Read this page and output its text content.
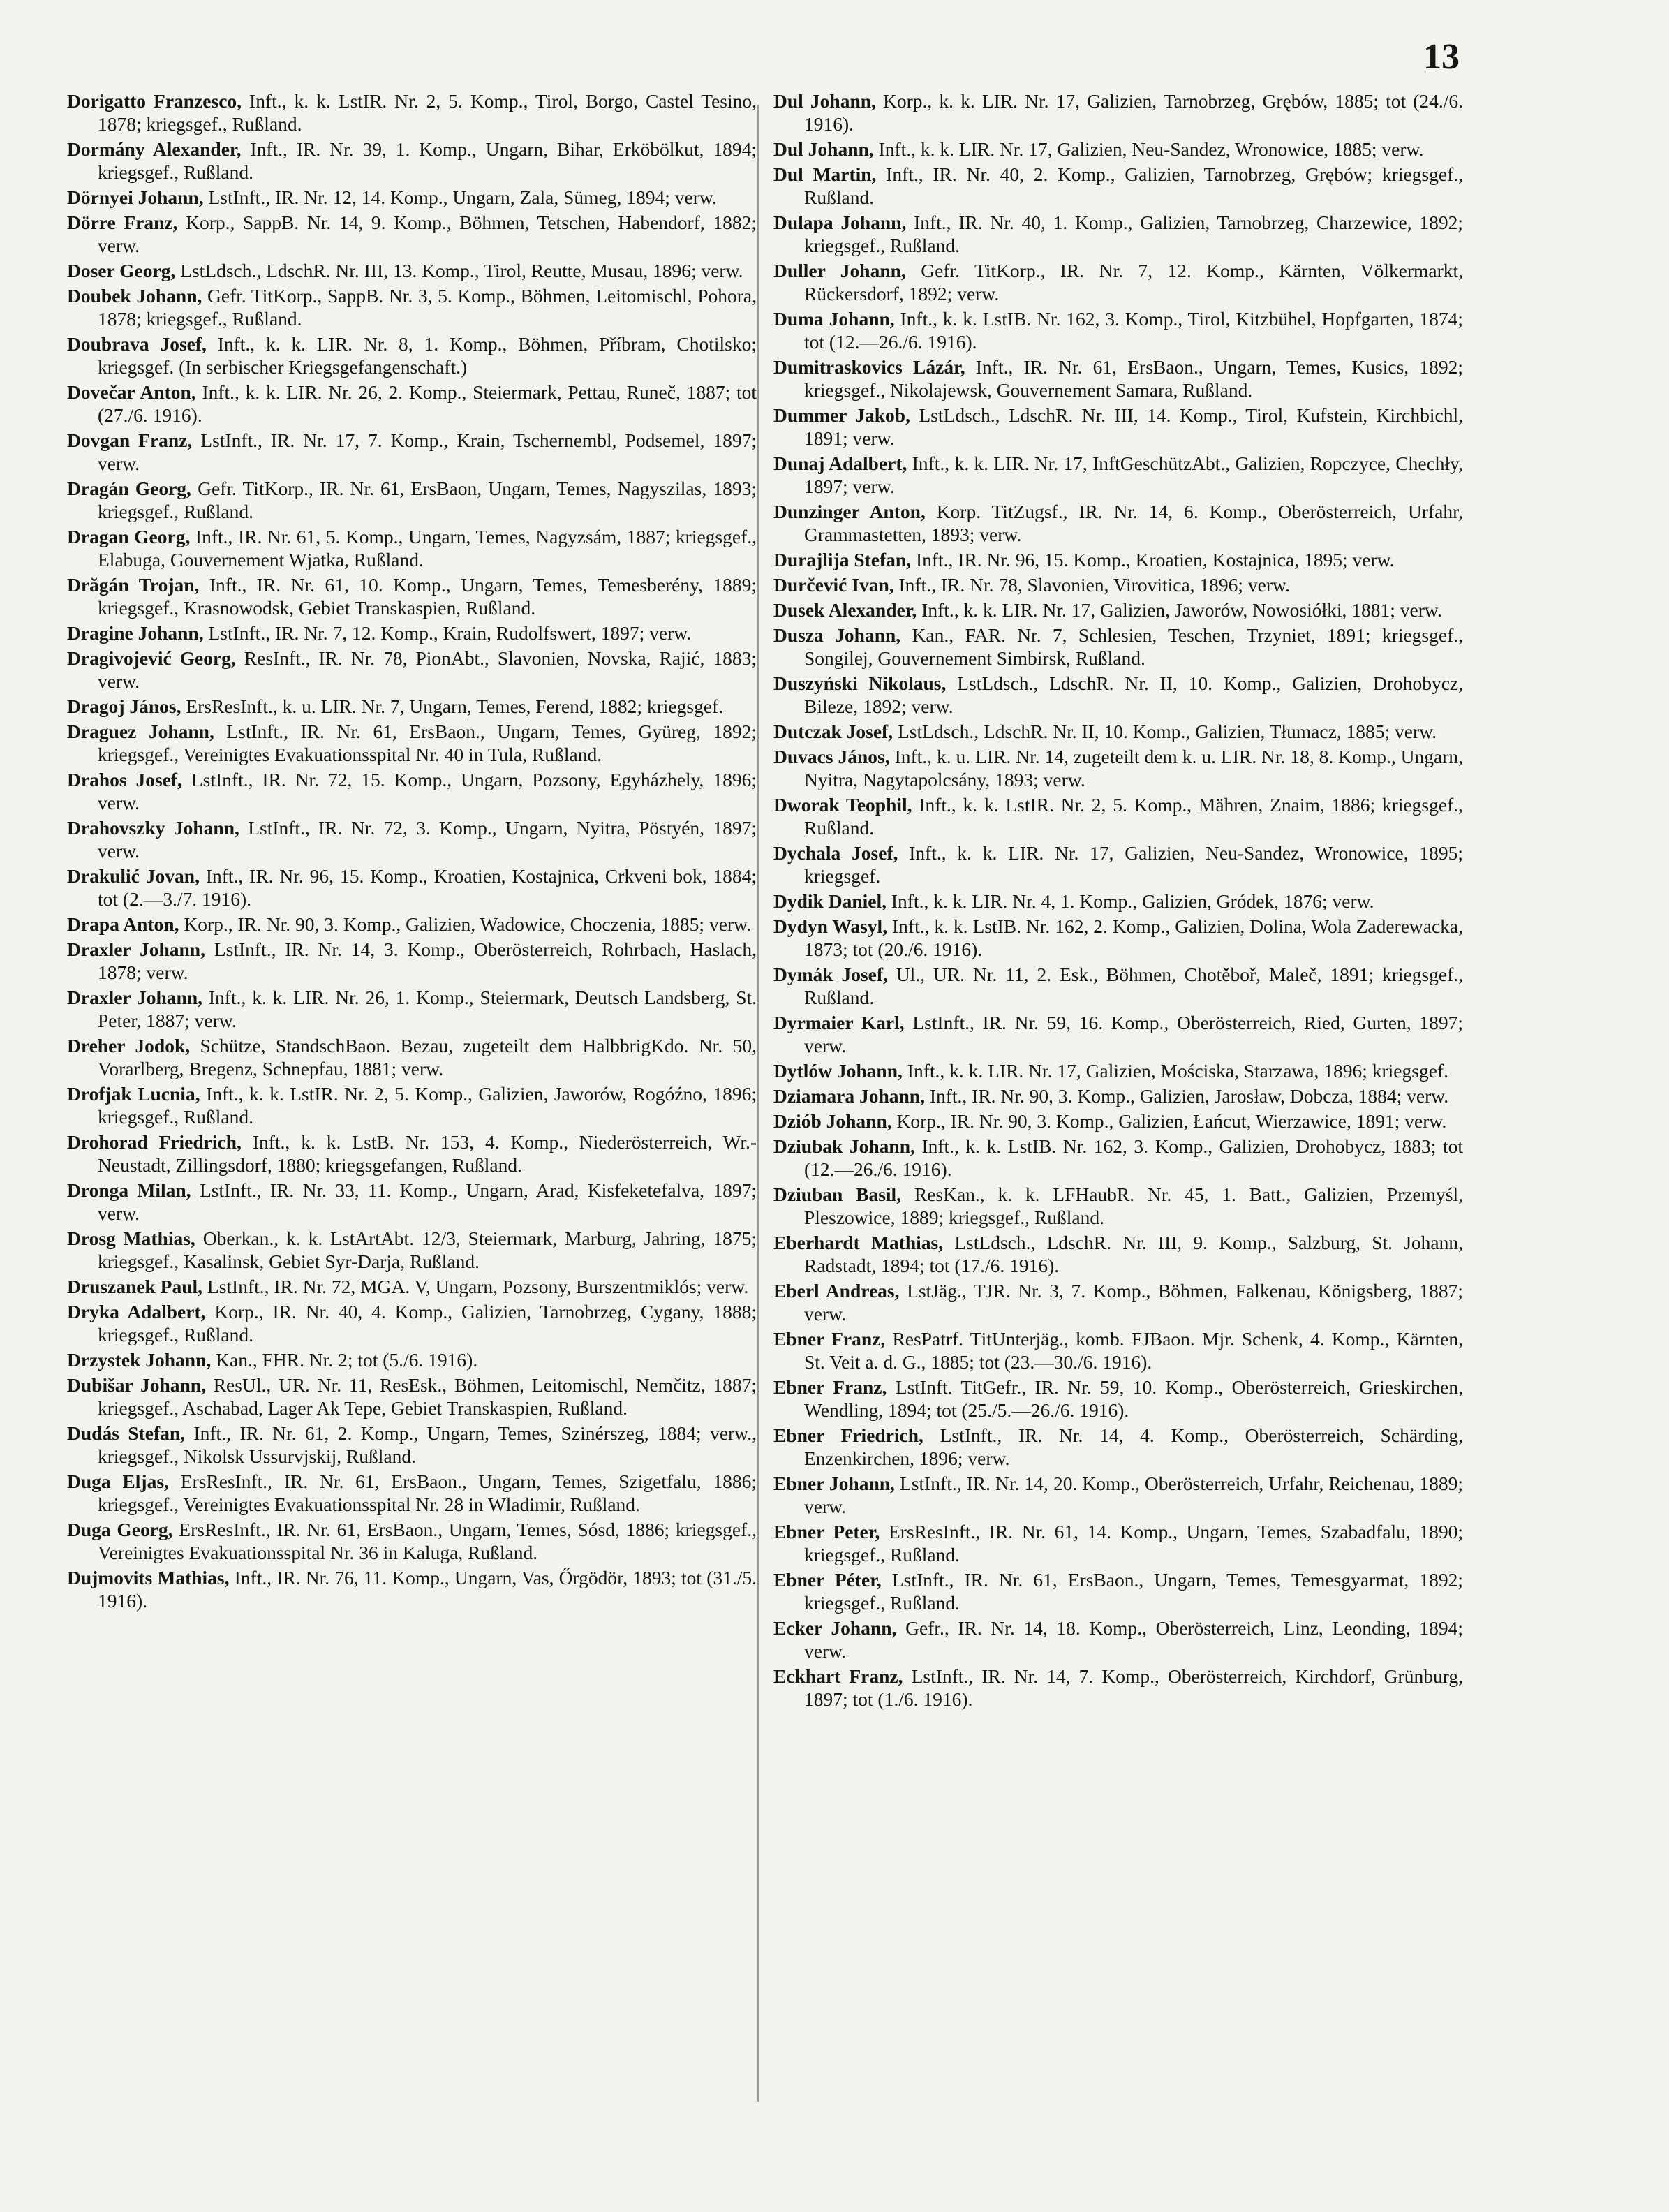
13

Dorigatto Franzesco, Inft., k. k. LstIR. Nr. 2, 5. Komp., Tirol, Borgo, Castel Tesino, 1878; kriegsgef., Rußland.

Dormány Alexander, Inft., IR. Nr. 39, 1. Komp., Ungarn, Bihar, Erköbölkut, 1894; kriegsgef., Rußland.

Dörnyei Johann, LstInft., IR. Nr. 12, 14. Komp., Ungarn, Zala, Sümeg, 1894; verw.

Dörre Franz, Korp., SappB. Nr. 14, 9. Komp., Böhmen, Tetschen, Habendorf, 1882; verw.

Doser Georg, LstLdsch., LdschR. Nr. III, 13. Komp., Tirol, Reutte, Musau, 1896; verw.

Doubek Johann, Gefr. TitKorp., SappB. Nr. 3, 5. Komp., Böhmen, Leitomischl, Pohora, 1878; kriegsgef., Rußland.

Doubrava Josef, Inft., k. k. LIR. Nr. 8, 1. Komp., Böhmen, Příbram, Chotilsko; kriegsgef. (In serbischer Kriegsgefangenschaft.)

Dovečar Anton, Inft., k. k. LIR. Nr. 26, 2. Komp., Steiermark, Pettau, Runeč, 1887; tot (27./6. 1916).

Dovgan Franz, LstInft., IR. Nr. 17, 7. Komp., Krain, Tschernembl, Podsemel, 1897; verw.

Dragán Georg, Gefr. TitKorp., IR. Nr. 61, ErsBaon, Ungarn, Temes, Nagyszilas, 1893; kriegsgef., Rußland.

Dragan Georg, Inft., IR. Nr. 61, 5. Komp., Ungarn, Temes, Nagyzsám, 1887; kriegsgef., Elabuga, Gouvernement Wjatka, Rußland.

Drăgán Trojan, Inft., IR. Nr. 61, 10. Komp., Ungarn, Temes, Temesberény, 1889; kriegsgef., Krasnowodsk, Gebiet Transkaspien, Rußland.

Dragine Johann, LstInft., IR. Nr. 7, 12. Komp., Krain, Rudolfswert, 1897; verw.

Dragivojević Georg, ResInft., IR. Nr. 78, PionAbt., Slavonien, Novska, Rajić, 1883; verw.

Dragoj János, ErsResInft., k. u. LIR. Nr. 7, Ungarn, Temes, Ferend, 1882; kriegsgef.

Draguez Johann, LstInft., IR. Nr. 61, ErsBaon., Ungarn, Temes, Gyüreg, 1892; kriegsgef., Vereinigtes Evakuationsspital Nr. 40 in Tula, Rußland.

Drahos Josef, LstInft., IR. Nr. 72, 15. Komp., Ungarn, Pozsony, Egyházhely, 1896; verw.

Drahovszky Johann, LstInft., IR. Nr. 72, 3. Komp., Ungarn, Nyitra, Pöstyén, 1897; verw.

Drakulić Jovan, Inft., IR. Nr. 96, 15. Komp., Kroatien, Kostajnica, Crkveni bok, 1884; tot (2.—3./7. 1916).

Drapa Anton, Korp., IR. Nr. 90, 3. Komp., Galizien, Wadowice, Choczenia, 1885; verw.

Draxler Johann, LstInft., IR. Nr. 14, 3. Komp., Oberösterreich, Rohrbach, Haslach, 1878; verw.

Draxler Johann, Inft., k. k. LIR. Nr. 26, 1. Komp., Steiermark, Deutsch Landsberg, St. Peter, 1887; verw.

Dreher Jodok, Schütze, StandschBaon. Bezau, zugeteilt dem HalbbrigKdo. Nr. 50, Vorarlberg, Bregenz, Schnepfau, 1881; verw.

Drofjak Lucnia, Inft., k. k. LstIR. Nr. 2, 5. Komp., Galizien, Jaworów, Rogóźno, 1896; kriegsgef., Rußland.

Drohorad Friedrich, Inft., k. k. LstB. Nr. 153, 4. Komp., Niederösterreich, Wr.-Neustadt, Zillingsdorf, 1880; kriegsgefangen, Rußland.

Dronga Milan, LstInft., IR. Nr. 33, 11. Komp., Ungarn, Arad, Kisfeketefalva, 1897; verw.

Drosg Mathias, Oberkan., k. k. LstArtAbt. 12/3, Steiermark, Marburg, Jahring, 1875; kriegsgef., Kasalinsk, Gebiet Syr-Darja, Rußland.

Druszanek Paul, LstInft., IR. Nr. 72, MGA. V, Ungarn, Pozsony, Burszentmiklós; verw.

Dryka Adalbert, Korp., IR. Nr. 40, 4. Komp., Galizien, Tarnobrzeg, Cygany, 1888; kriegsgef., Rußland.

Drzystek Johann, Kan., FHR. Nr. 2; tot (5./6. 1916).

Dubišar Johann, ResUl., UR. Nr. 11, ResEsk., Böhmen, Leitomischl, Nemčitz, 1887; kriegsgef., Aschabad, Lager Ak Tepe, Gebiet Transkaspien, Rußland.

Dudás Stefan, Inft., IR. Nr. 61, 2. Komp., Ungarn, Temes, Szinérszeg, 1884; verw., kriegsgef., Nikolsk Ussurvjskij, Rußland.

Duga Eljas, ErsResInft., IR. Nr. 61, ErsBaon., Ungarn, Temes, Szigetfalu, 1886; kriegsgef., Vereinigtes Evakuationsspital Nr. 28 in Wladimir, Rußland.

Duga Georg, ErsResInft., IR. Nr. 61, ErsBaon., Ungarn, Temes, Sósd, 1886; kriegsgef., Vereinigtes Evakuationsspital Nr. 36 in Kaluga, Rußland.

Dujmovits Mathias, Inft., IR. Nr. 76, 11. Komp., Ungarn, Vas, Őrgödör, 1893; tot (31./5. 1916).

Dul Johann, Korp., k. k. LIR. Nr. 17, Galizien, Tarnobrzeg, Grębów, 1885; tot (24./6. 1916).

Dul Johann, Inft., k. k. LIR. Nr. 17, Galizien, Neu-Sandez, Wronowice, 1885; verw.

Dul Martin, Inft., IR. Nr. 40, 2. Komp., Galizien, Tarnobrzeg, Grębów; kriegsgef., Rußland.

Dulapa Johann, Inft., IR. Nr. 40, 1. Komp., Galizien, Tarnobrzeg, Charzewice, 1892; kriegsgef., Rußland.

Duller Johann, Gefr. TitKorp., IR. Nr. 7, 12. Komp., Kärnten, Völkermarkt, Rückersdorf, 1892; verw.

Duma Johann, Inft., k. k. LstIB. Nr. 162, 3. Komp., Tirol, Kitzbühel, Hopfgarten, 1874; tot (12.—26./6. 1916).

Dumitraskovics Lázár, Inft., IR. Nr. 61, ErsBaon., Ungarn, Temes, Kusics, 1892; kriegsgef., Nikolajewsk, Gouvernement Samara, Rußland.

Dummer Jakob, LstLdsch., LdschR. Nr. III, 14. Komp., Tirol, Kufstein, Kirchbichl, 1891; verw.

Dunaj Adalbert, Inft., k. k. LIR. Nr. 17, InftGeschützAbt., Galizien, Ropczyce, Chechły, 1897; verw.

Dunzinger Anton, Korp. TitZugsf., IR. Nr. 14, 6. Komp., Oberösterreich, Urfahr, Grammastetten, 1893; verw.

Durajlija Stefan, Inft., IR. Nr. 96, 15. Komp., Kroatien, Kostajnica, 1895; verw.

Durčević Ivan, Inft., IR. Nr. 78, Slavonien, Virovitica, 1896; verw.

Dusek Alexander, Inft., k. k. LIR. Nr. 17, Galizien, Jaworów, Nowosiółki, 1881; verw.

Dusza Johann, Kan., FAR. Nr. 7, Schlesien, Teschen, Trzyniet, 1891; kriegsgef., Songilej, Gouvernement Simbirsk, Rußland.

Duszyński Nikolaus, LstLdsch., LdschR. Nr. II, 10. Komp., Galizien, Drohobycz, Bileze, 1892; verw.

Dutczak Josef, LstLdsch., LdschR. Nr. II, 10. Komp., Galizien, Tłumacz, 1885; verw.

Duvacs János, Inft., k. u. LIR. Nr. 14, zugeteilt dem k. u. LIR. Nr. 18, 8. Komp., Ungarn, Nyitra, Nagytapolcsány, 1893; verw.

Dworak Teophil, Inft., k. k. LstIR. Nr. 2, 5. Komp., Mähren, Znaim, 1886; kriegsgef., Rußland.

Dychala Josef, Inft., k. k. LIR. Nr. 17, Galizien, Neu-Sandez, Wronowice, 1895; kriegsgef.

Dydik Daniel, Inft., k. k. LIR. Nr. 4, 1. Komp., Galizien, Gródek, 1876; verw.

Dydyn Wasyl, Inft., k. k. LstIB. Nr. 162, 2. Komp., Galizien, Dolina, Wola Zaderewacka, 1873; tot (20./6. 1916).

Dymák Josef, Ul., UR. Nr. 11, 2. Esk., Böhmen, Chotěboř, Maleč, 1891; kriegsgef., Rußland.

Dyrmaier Karl, LstInft., IR. Nr. 59, 16. Komp., Oberösterreich, Ried, Gurten, 1897; verw.

Dytlów Johann, Inft., k. k. LIR. Nr. 17, Galizien, Mościska, Starzawa, 1896; kriegsgef.

Dziamara Johann, Inft., IR. Nr. 90, 3. Komp., Galizien, Jarosław, Dobcza, 1884; verw.

Dziób Johann, Korp., IR. Nr. 90, 3. Komp., Galizien, Łańcut, Wierzawice, 1891; verw.

Dziubak Johann, Inft., k. k. LstIB. Nr. 162, 3. Komp., Galizien, Drohobycz, 1883; tot (12.—26./6. 1916).

Dziuban Basil, ResKan., k. k. LFHaubR. Nr. 45, 1. Batt., Galizien, Przemyśl, Pleszowice, 1889; kriegsgef., Rußland.

Eberhardt Mathias, LstLdsch., LdschR. Nr. III, 9. Komp., Salzburg, St. Johann, Radstadt, 1894; tot (17./6. 1916).

Eberl Andreas, LstJäg., TJR. Nr. 3, 7. Komp., Böhmen, Falkenau, Königsberg, 1887; verw.

Ebner Franz, ResPatrf. TitUnterjäg., komb. FJBaon. Mjr. Schenk, 4. Komp., Kärnten, St. Veit a. d. G., 1885; tot (23.—30./6. 1916).

Ebner Franz, LstInft. TitGefr., IR. Nr. 59, 10. Komp., Oberösterreich, Grieskirchen, Wendling, 1894; tot (25./5.—26./6. 1916).

Ebner Friedrich, LstInft., IR. Nr. 14, 4. Komp., Oberösterreich, Schärding, Enzenkirchen, 1896; verw.

Ebner Johann, LstInft., IR. Nr. 14, 20. Komp., Oberösterreich, Urfahr, Reichenau, 1889; verw.

Ebner Peter, ErsResInft., IR. Nr. 61, 14. Komp., Ungarn, Temes, Szabadfalu, 1890; kriegsgef., Rußland.

Ebner Péter, LstInft., IR. Nr. 61, ErsBaon., Ungarn, Temes, Temesgyarmat, 1892; kriegsgef., Rußland.

Ecker Johann, Gefr., IR. Nr. 14, 18. Komp., Oberösterreich, Linz, Leonding, 1894; verw.

Eckhart Franz, LstInft., IR. Nr. 14, 7. Komp., Oberösterreich, Kirchdorf, Grünburg, 1897; tot (1./6. 1916).
